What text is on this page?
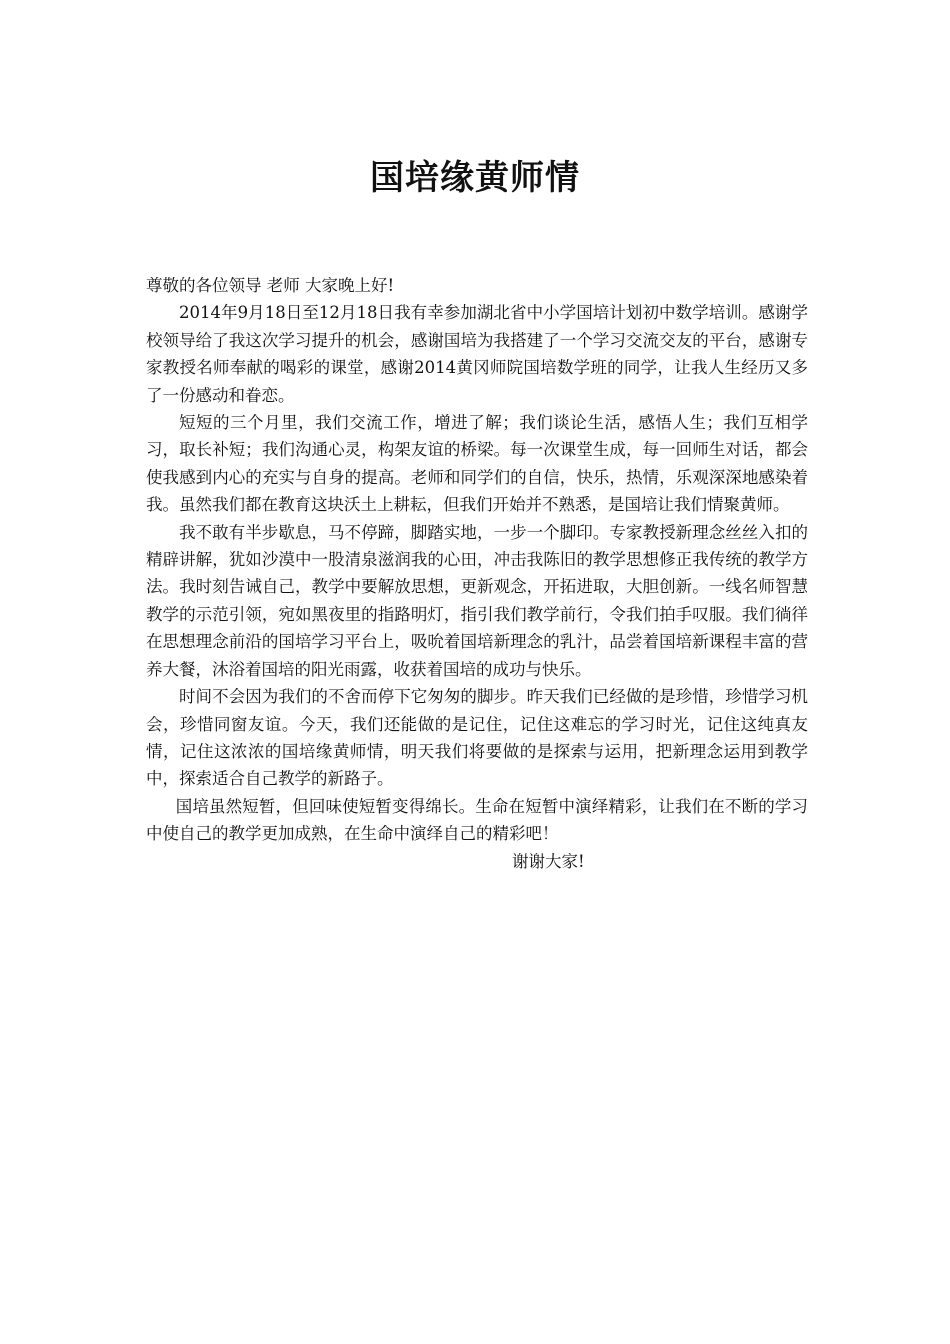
国培缘黄师情

尊敬的各位领导 老师 大家晚上好!

2014年9月18日至12月18日我有幸参加湖北省中小学国培计划初中数学培训。感谢学校领导给了我这次学习提升的机会，感谢国培为我搭建了一个学习交流交友的平台，感谢专家教授名师奉献的喝彩的课堂，感谢2014黄冈师院国培数学班的同学，让我人生经历又多了一份感动和眷恋。

短短的三个月里，我们交流工作，增进了解；我们谈论生活，感悟人生；我们互相学习，取长补短；我们沟通心灵，构架友谊的桥梁。每一次课堂生成，每一回师生对话，都会使我感到内心的充实与自身的提高。老师和同学们的自信，快乐，热情，乐观深深地感染着我。虽然我们都在教育这块沃土上耕耘，但我们开始并不熟悉，是国培让我们情聚黄师。

我不敢有半步歇息，马不停蹄，脚踏实地，一步一个脚印。专家教授新理念丝丝入扣的精辟讲解，犹如沙漠中一股清泉滋润我的心田，冲击我陈旧的教学思想修正我传统的教学方法。我时刻告诫自己，教学中要解放思想，更新观念，开拓进取，大胆创新。一线名师智慧教学的示范引领，宛如黑夜里的指路明灯，指引我们教学前行，令我们拍手叹服。我们徜徉在思想理念前沿的国培学习平台上，吸吮着国培新理念的乳汁，品尝着国培新课程丰富的营养大餐，沐浴着国培的阳光雨露，收获着国培的成功与快乐。

时间不会因为我们的不舍而停下它匆匆的脚步。昨天我们已经做的是珍惜，珍惜学习机会，珍惜同窗友谊。今天，我们还能做的是记住，记住这难忘的学习时光，记住这纯真友情，记住这浓浓的国培缘黄师情，明天我们将要做的是探索与运用，把新理念运用到教学中，探索适合自己教学的新路子。

国培虽然短暂，但回味使短暂变得绵长。生命在短暂中演绎精彩，让我们在不断的学习中使自己的教学更加成熟，在生命中演绎自己的精彩吧！

谢谢大家!
